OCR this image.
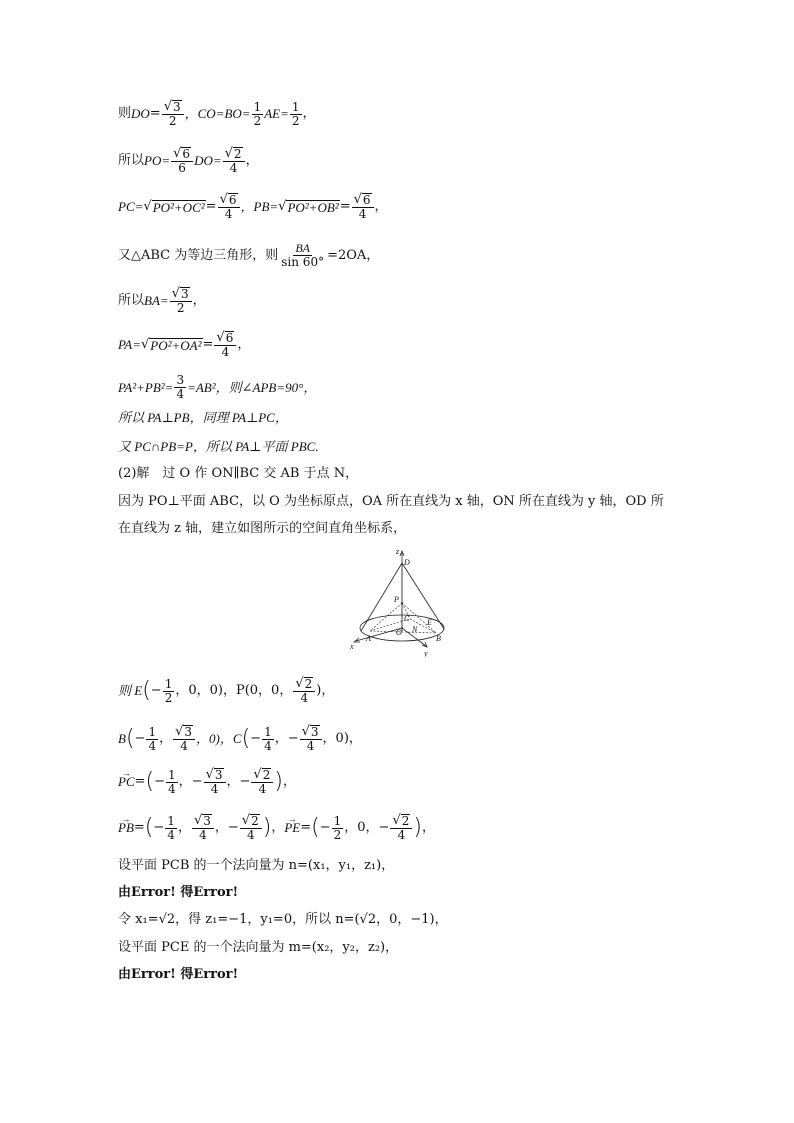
则 DO = $\frac{√ 3}{2}$ ，$CO=BO= \frac{1}{2} AE= \frac{1}{2}$ ，
所以 $PO= \frac{√ 6}{6} DO= \frac{√ 2}{4}$ ，
PC= √ $PO^2+OC^2 = \frac{√ 6}{4}$ ，PB= √ $PO^2+OB^2 = \frac{√ 6}{4}$ ，
又△ABC 为等边三角形，则 $\frac{BA}{\sin 60^\circ} =2OA$，
所以 $BA= \frac{√ 3}{2}$ ，
PA= √ $PO^2+OA^2 = \frac{√ 6}{4}$ ，
$PA^2+PB^2= \frac{3}{4} =AB^2$，则∠APB=90°，
所以 PA⊥PB，同理 PA⊥PC，
又 PC∩PB=P，所以 PA⊥平面 PBC.
(2)解　过 O 作 ON∥BC 交 AB 于点 N，
因为 PO⊥平面 ABC，以 O 为坐标原点，OA 所在直线为 x 轴，ON 所在直线为 y 轴，OD 所
在直线为 z 轴，建立如图所示的空间直角坐标系，
z
D
P
C
O N
E
B
A
x
y
则 E ( − $\frac{1}{2}$ ，0，0)，P(0，0， $\frac{√ 2}{4}$ )，
B ( − $\frac{1}{4}$ ， $\frac{√ 3}{4}$ ，0)，C ( − $\frac{1}{4}$ ，− $\frac{√ 3}{4}$ ，0)，
→ PC = ( − $\frac{1}{4}$ ，− $\frac{√ 3}{4}$ ，− $\frac{√ 2}{4}$ ) ，
→ PB = ( − $\frac{1}{4}$ ， $\frac{√ 3}{4}$ ，− $\frac{√ 2}{4}$ ) ，
→ PE = ( − $\frac{1}{2}$ ，0，− $\frac{√ 2}{4}$ ) ，
设平面 PCB 的一个法向量为 n=(x₁，y₁，z₁)，
由Error! 得Error!
令 x₁=√2，得 z₁=−1，y₁=0，所以 n=(√2，0，−1)，
设平面 PCE 的一个法向量为 m=(x₂，y₂，z₂)，
由Error! 得Error!
